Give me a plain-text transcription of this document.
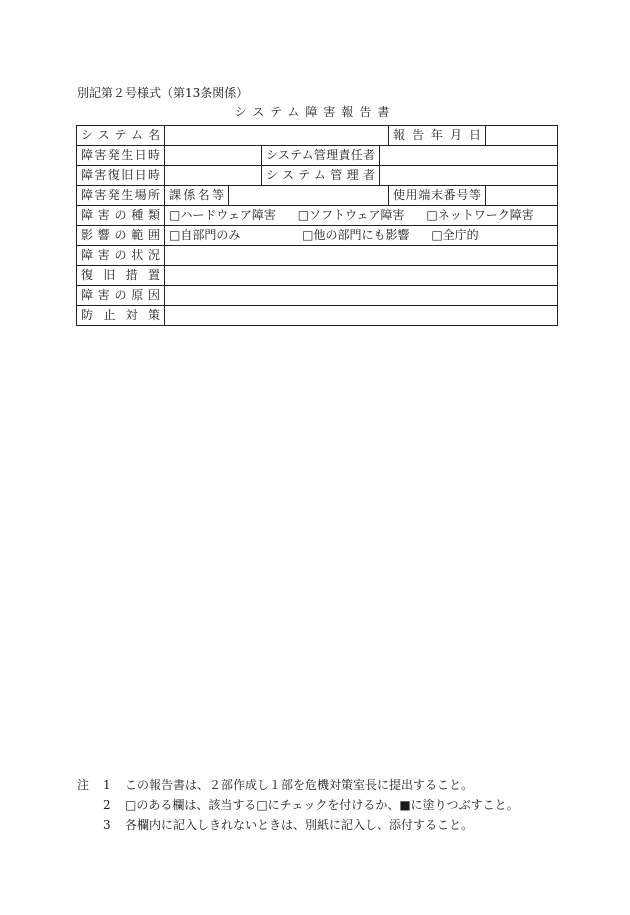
別記第２号様式（第13条関係）
システム障害報告書
システム名					報告年月日	
障害発生日時			システム管理責任者			
障害復旧日時			システム管理者			
障害発生場所	課係名等				使用端末番号等	
障害の種類	□ハードウェア障害 □ソフトウェア障害 □ネットワーク障害					
影響の範囲	□自部門のみ □他の部門にも影響 □全庁的					
障害の状況						
復旧措置						
障害の原因						
防止対策						
注	1	この報告書は、２部作成し１部を危機対策室長に提出すること。
2	□のある欄は、該当する□にチェックを付けるか、■に塗りつぶすこと。
3	各欄内に記入しきれないときは、別紙に記入し、添付すること。
